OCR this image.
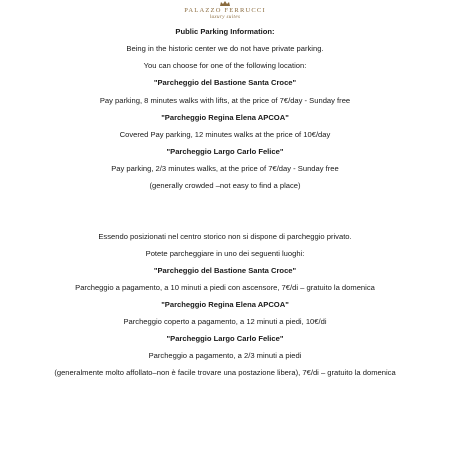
PALAZZO FERRUCCI
luxury suites
Public Parking Information:
Being in the historic center we do not have private parking.
You can choose for one of the following location:
"Parcheggio del Bastione Santa Croce"
Pay parking, 8 minutes walks with lifts, at the price of 7€/day - Sunday free
"Parcheggio Regina Elena APCOA"
Covered Pay parking, 12 minutes walks at the price of 10€/day
"Parcheggio Largo Carlo Felice"
Pay parking, 2/3 minutes walks, at the price of 7€/day - Sunday free
(generally crowded –not easy to find a place)
Essendo posizionati nel centro storico non si dispone di parcheggio privato.
Potete parcheggiare in uno dei seguenti luoghi:
"Parcheggio del Bastione Santa Croce"
Parcheggio a pagamento, a 10 minuti a piedi con ascensore, 7€/di – gratuito la domenica
"Parcheggio Regina Elena APCOA"
Parcheggio coperto a pagamento, a 12 minuti a piedi, 10€/di
"Parcheggio Largo Carlo Felice"
Parcheggio a pagamento, a 2/3 minuti a piedi
(generalmente molto affollato–non è facile trovare una postazione libera), 7€/di – gratuito la domenica
